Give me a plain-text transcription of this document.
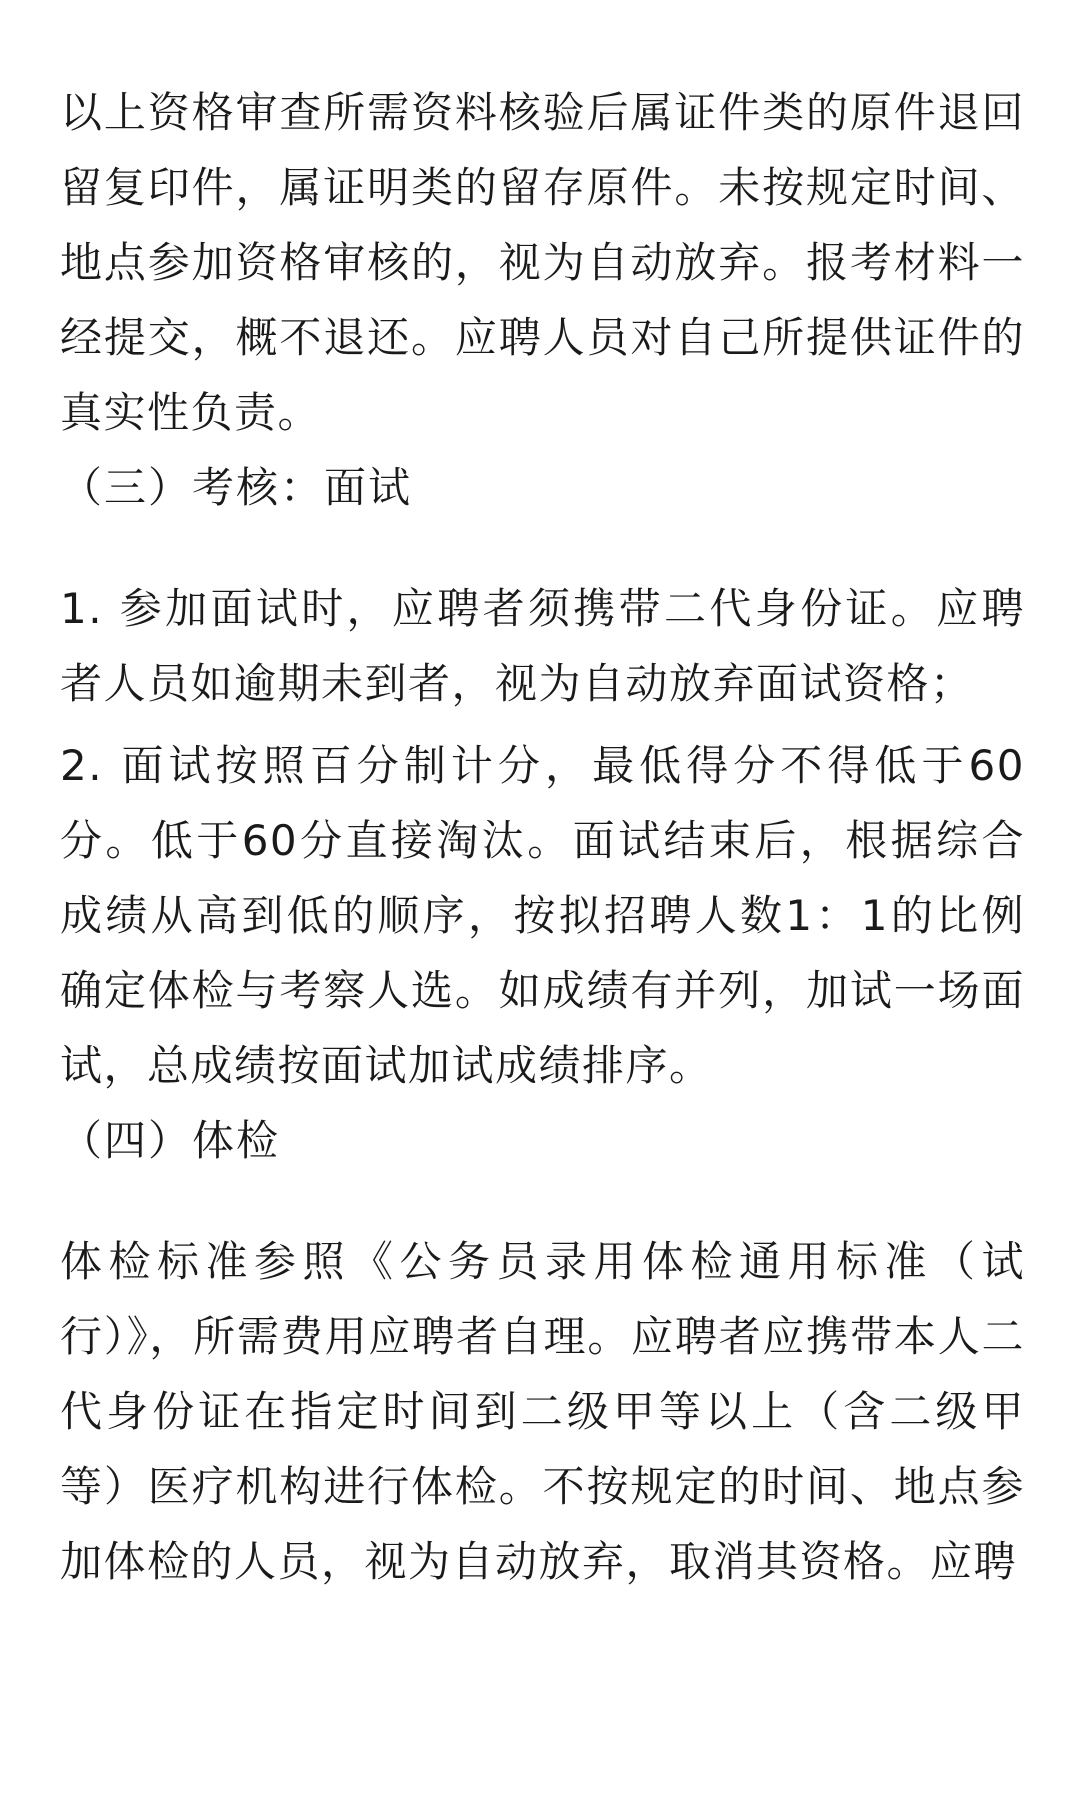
以上资格审查所需资料核验后属证件类的原件退回留复印件，属证明类的留存原件。未按规定时间、地点参加资格审核的，视为自动放弃。报考材料一经提交，概不退还。应聘人员对自己所提供证件的真实性负责。

（三）考核：面试

1. 参加面试时，应聘者须携带二代身份证。应聘者人员如逾期未到者，视为自动放弃面试资格；

2. 面试按照百分制计分，最低得分不得低于60分。低于60分直接淘汰。面试结束后，根据综合成绩从高到低的顺序，按拟招聘人数1：1的比例确定体检与考察人选。如成绩有并列，加试一场面试，总成绩按面试加试成绩排序。

（四）体检

体检标准参照《公务员录用体检通用标准（试行）》，所需费用应聘者自理。应聘者应携带本人二代身份证在指定时间到二级甲等以上（含二级甲等）医疗机构进行体检。不按规定的时间、地点参加体检的人员，视为自动放弃，取消其资格。应聘
